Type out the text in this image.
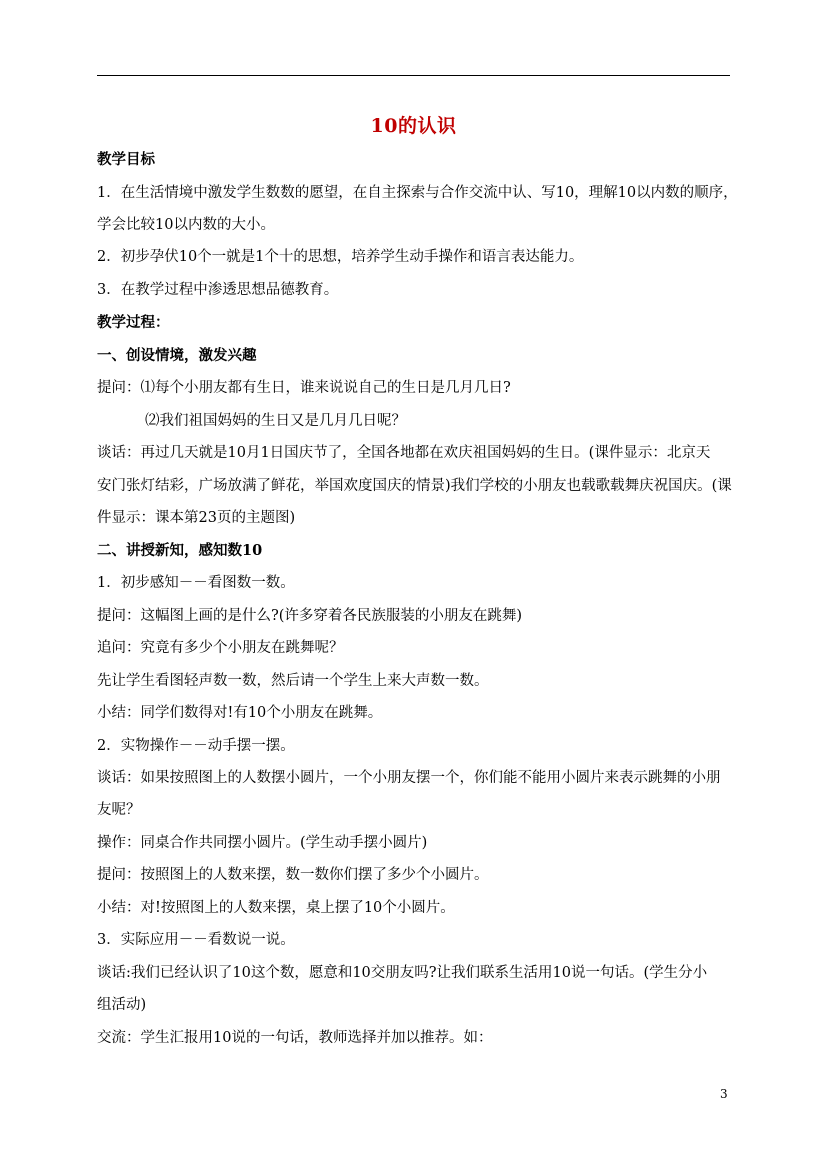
10的认识
教学目标
1．在生活情境中激发学生数数的愿望，在自主探索与合作交流中认、写10，理解10以内数的顺序，
学会比较10以内数的大小。
2．初步孕伏10个一就是1个十的思想，培养学生动手操作和语言表达能力。
3．在教学过程中渗透思想品德教育。
教学过程：
一、创设情境，激发兴趣
提问：⑴每个小朋友都有生日，谁来说说自己的生日是几月几日?
⑵我们祖国妈妈的生日又是几月几日呢？
谈话：再过几天就是10月1日国庆节了，全国各地都在欢庆祖国妈妈的生日。(课件显示：北京天
安门张灯结彩，广场放满了鲜花，举国欢度国庆的情景)我们学校的小朋友也载歌载舞庆祝国庆。(课
件显示：课本第23页的主题图)
二、讲授新知，感知数10
1．初步感知－－看图数一数。
提问：这幅图上画的是什么?(许多穿着各民族服装的小朋友在跳舞)
追问：究竟有多少个小朋友在跳舞呢？
先让学生看图轻声数一数，然后请一个学生上来大声数一数。
小结：同学们数得对!有10个小朋友在跳舞。
2．实物操作－－动手摆一摆。
谈话：如果按照图上的人数摆小圆片，一个小朋友摆一个，你们能不能用小圆片来表示跳舞的小朋
友呢？
操作：同桌合作共同摆小圆片。(学生动手摆小圆片)
提问：按照图上的人数来摆，数一数你们摆了多少个小圆片。
小结：对!按照图上的人数来摆，桌上摆了10个小圆片。
3．实际应用－－看数说一说。
谈话:我们已经认识了10这个数，愿意和10交朋友吗?让我们联系生活用10说一句话。(学生分小
组活动)
交流：学生汇报用10说的一句话，教师选择并加以推荐。如：
3
